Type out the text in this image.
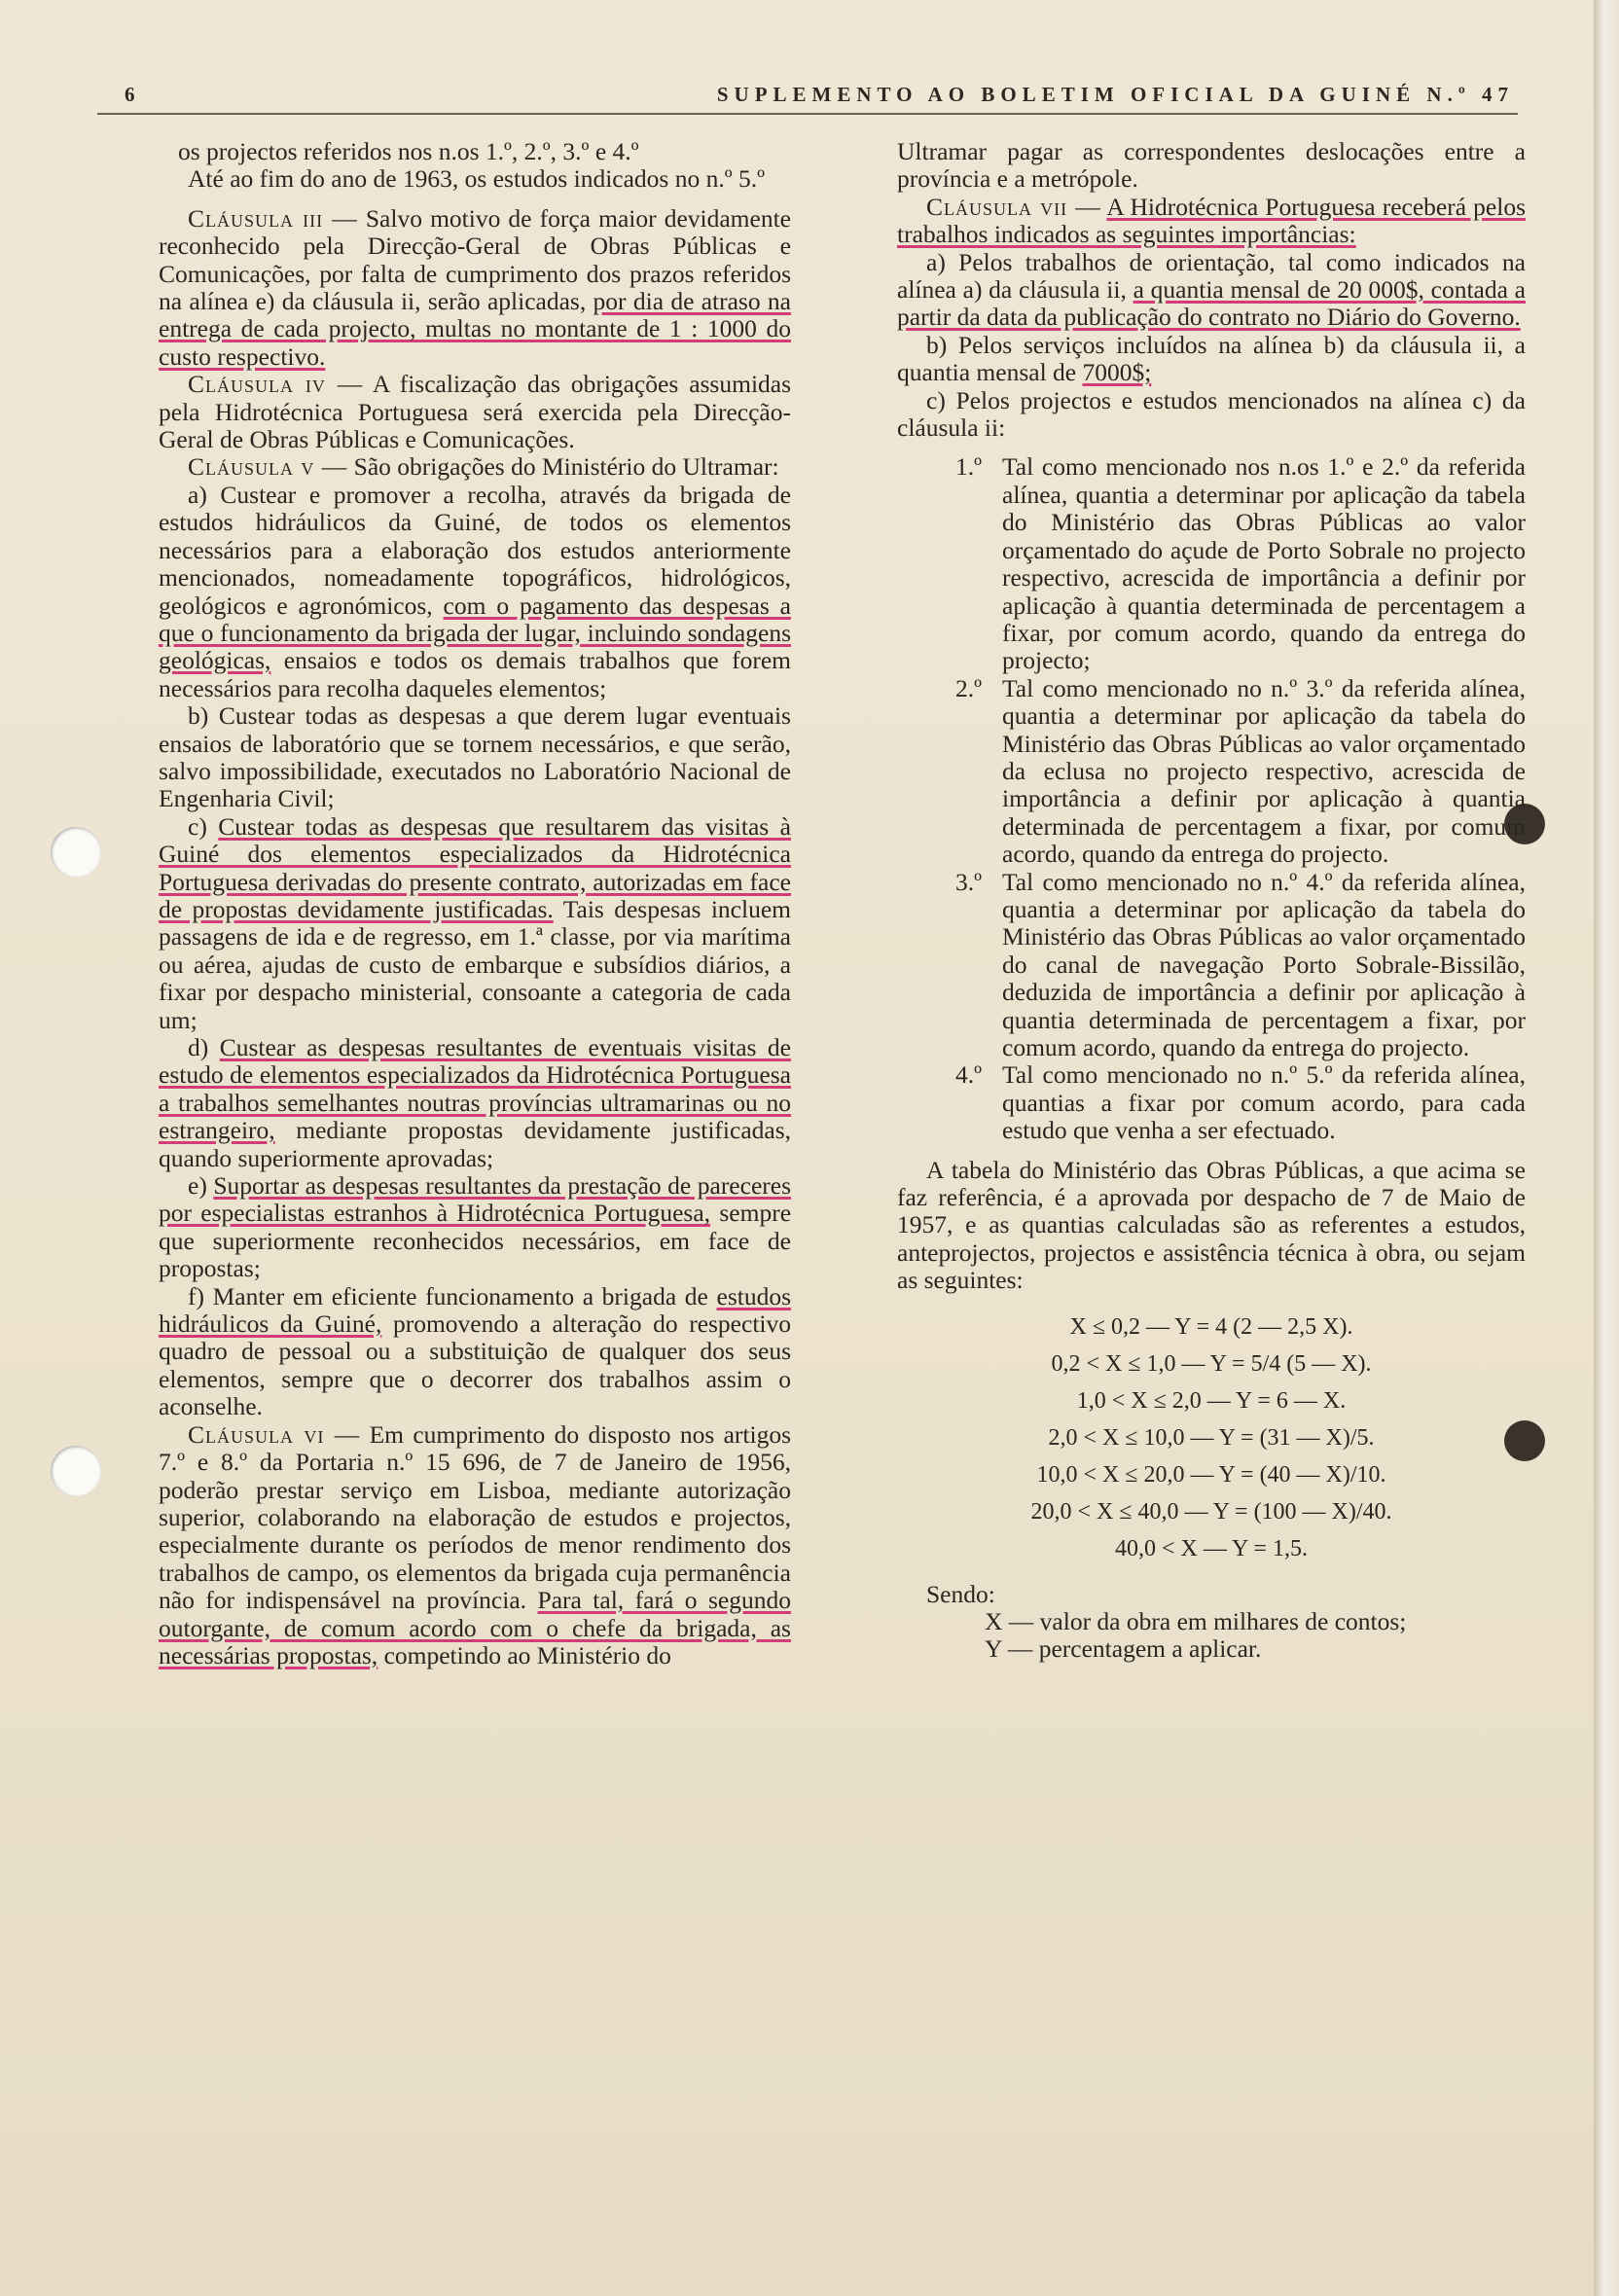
6	SUPLEMENTO AO BOLETIM OFICIAL DA GUINÉ N.º 47

os projectos referidos nos n.os 1.º, 2.º, 3.º e 4.º

Até ao fim do ano de 1963, os estudos indicados no n.º 5.º

Cláusula iii — Salvo motivo de força maior devidamente reconhecido pela Direcção-Geral de Obras Públicas e Comunicações, por falta de cumprimento dos prazos referidos na alínea e) da cláusula ii, serão aplicadas, por dia de atraso na entrega de cada projecto, multas no montante de 1 : 1000 do custo respectivo.

Cláusula iv — A fiscalização das obrigações assumidas pela Hidrotécnica Portuguesa será exercida pela Direcção-Geral de Obras Públicas e Comunicações.

Cláusula v — São obrigações do Ministério do Ultramar:

a) Custear e promover a recolha, através da brigada de estudos hidráulicos da Guiné, de todos os elementos necessários para a elaboração dos estudos anteriormente mencionados, nomeadamente topográficos, hidrológicos, geológicos e agronómicos, com o pagamento das despesas a que o funcionamento da brigada der lugar, incluindo sondagens geológicas, ensaios e todos os demais trabalhos que forem necessários para recolha daqueles elementos;

b) Custear todas as despesas a que derem lugar eventuais ensaios de laboratório que se tornem necessários, e que serão, salvo impossibilidade, executados no Laboratório Nacional de Engenharia Civil;

c) Custear todas as despesas que resultarem das visitas à Guiné dos elementos especializados da Hidrotécnica Portuguesa derivadas do presente contrato, autorizadas em face de propostas devidamente justificadas. Tais despesas incluem passagens de ida e de regresso, em 1.ª classe, por via marítima ou aérea, ajudas de custo de embarque e subsídios diários, a fixar por despacho ministerial, consoante a categoria de cada um;

d) Custear as despesas resultantes de eventuais visitas de estudo de elementos especializados da Hidrotécnica Portuguesa a trabalhos semelhantes noutras províncias ultramarinas ou no estrangeiro, mediante propostas devidamente justificadas, quando superiormente aprovadas;

e) Suportar as despesas resultantes da prestação de pareceres por especialistas estranhos à Hidrotécnica Portuguesa, sempre que superiormente reconhecidos necessários, em face de propostas;

f) Manter em eficiente funcionamento a brigada de estudos hidráulicos da Guiné, promovendo a alteração do respectivo quadro de pessoal ou a substituição de qualquer dos seus elementos, sempre que o decorrer dos trabalhos assim o aconselhe.

Cláusula vi — Em cumprimento do disposto nos artigos 7.º e 8.º da Portaria n.º 15 696, de 7 de Janeiro de 1956, poderão prestar serviço em Lisboa, mediante autorização superior, colaborando na elaboração de estudos e projectos, especialmente durante os períodos de menor rendimento dos trabalhos de campo, os elementos da brigada cuja permanência não for indispensável na província. Para tal, fará o segundo outorgante, de comum acordo com o chefe da brigada, as necessárias propostas, competindo ao Ministério do

Ultramar pagar as correspondentes deslocações entre a província e a metrópole.

Cláusula vii — A Hidrotécnica Portuguesa receberá pelos trabalhos indicados as seguintes importâncias:

a) Pelos trabalhos de orientação, tal como indicados na alínea a) da cláusula ii, a quantia mensal de 20 000$, contada a partir da data da publicação do contrato no Diário do Governo.

b) Pelos serviços incluídos na alínea b) da cláusula ii, a quantia mensal de 7000$;

c) Pelos projectos e estudos mencionados na alínea c) da cláusula ii:

1.º Tal como mencionado nos n.os 1.º e 2.º da referida alínea, quantia a determinar por aplicação da tabela do Ministério das Obras Públicas ao valor orçamentado do açude de Porto Sobrale no projecto respectivo, acrescida de importância a definir por aplicação à quantia determinada de percentagem a fixar, por comum acordo, quando da entrega do projecto;
2.º Tal como mencionado no n.º 3.º da referida alínea, quantia a determinar por aplicação da tabela do Ministério das Obras Públicas ao valor orçamentado da eclusa no projecto respectivo, acrescida de importância a definir por aplicação à quantia determinada de percentagem a fixar, por comum acordo, quando da entrega do projecto.
3.º Tal como mencionado no n.º 4.º da referida alínea, quantia a determinar por aplicação da tabela do Ministério das Obras Públicas ao valor orçamentado do canal de navegação Porto Sobrale-Bissilão, deduzida de importância a definir por aplicação à quantia determinada de percentagem a fixar, por comum acordo, quando da entrega do projecto.
4.º Tal como mencionado no n.º 5.º da referida alínea, quantias a fixar por comum acordo, para cada estudo que venha a ser efectuado.

A tabela do Ministério das Obras Públicas, a que acima se faz referência, é a aprovada por despacho de 7 de Maio de 1957, e as quantias calculadas são as referentes a estudos, anteprojectos, projectos e assistência técnica à obra, ou sejam as seguintes:

X ≤ 0,2 — Y = 4 (2 — 2,5 X).
0,2 < X ≤ 1,0 — Y = 5/4 (5 — X).
1,0 < X ≤ 2,0 — Y = 6 — X.
2,0 < X ≤ 10,0 — Y = (31 — X)/5.
10,0 < X ≤ 20,0 — Y = (40 — X)/10.
20,0 < X ≤ 40,0 — Y = (100 — X)/40.
40,0 < X — Y = 1,5.

Sendo:

X — valor da obra em milhares de contos;

Y — percentagem a aplicar.
